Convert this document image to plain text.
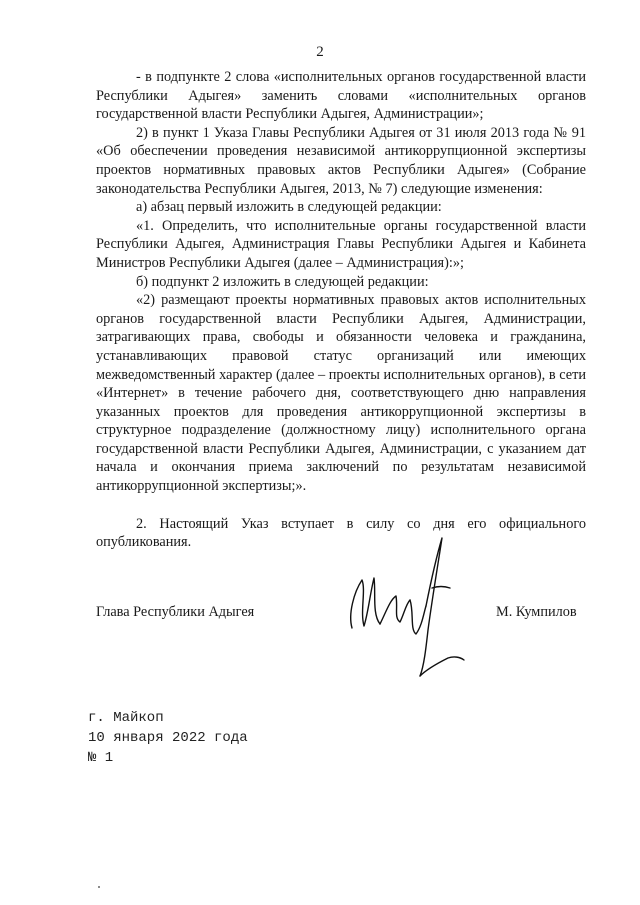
2

- в подпункте 2 слова «исполнительных органов государственной власти Республики Адыгея» заменить словами «исполнительных органов государственной власти Республики Адыгея, Администрации»;

2) в пункт 1 Указа Главы Республики Адыгея от 31 июля 2013 года № 91 «Об обеспечении проведения независимой антикоррупционной экспертизы проектов нормативных правовых актов Республики Адыгея» (Собрание законодательства Республики Адыгея, 2013, № 7) следующие изменения:

а) абзац первый изложить в следующей редакции:

«1. Определить, что исполнительные органы государственной власти Республики Адыгея, Администрация Главы Республики Адыгея и Кабинета Министров Республики Адыгея (далее – Администрация):»;

б) подпункт 2 изложить в следующей редакции:

«2) размещают проекты нормативных правовых актов исполнительных органов государственной власти Республики Адыгея, Администрации, затрагивающих права, свободы и обязанности человека и гражданина, устанавливающих правовой статус организаций или имеющих межведомственный характер (далее – проекты исполнительных органов), в сети «Интернет» в течение рабочего дня, соответствующего дню направления указанных проектов для проведения антикоррупционной экспертизы в структурное подразделение (должностному лицу) исполнительного органа государственной власти Республики Адыгея, Администрации, с указанием дат начала и окончания приема заключений по результатам независимой антикоррупционной экспертизы;».

2. Настоящий Указ вступает в силу со дня его официального опубликования.

Глава Республики Адыгея	М. Кумпилов
г. Майкоп
10 января 2022 года
№ 1
